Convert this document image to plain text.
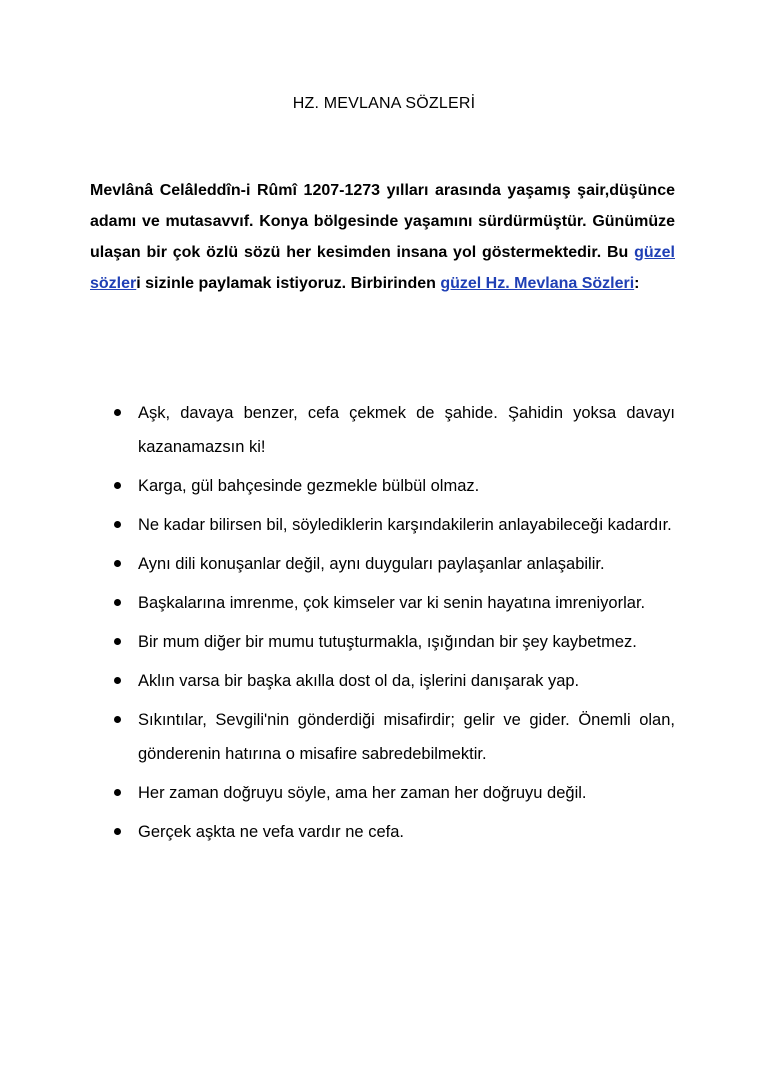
HZ. MEVLANA SÖZLERİ
Mevlânâ Celâleddîn-i Rûmî 1207-1273 yılları arasında yaşamış şair,düşünce adamı ve mutasavvıf. Konya bölgesinde yaşamını sürdürmüştür. Günümüze ulaşan bir çok özlü sözü her kesimden insana yol göstermektedir. Bu güzel sözleri sizinle paylamak istiyoruz. Birbirinden güzel Hz. Mevlana Sözleri:
Aşk, davaya benzer, cefa çekmek de şahide. Şahidin yoksa davayı kazanamazsın ki!
Karga, gül bahçesinde gezmekle bülbül olmaz.
Ne kadar bilirsen bil, söylediklerin karşındakilerin anlayabileceği kadardır.
Aynı dili konuşanlar değil, aynı duyguları paylaşanlar anlaşabilir.
Başkalarına imrenme, çok kimseler var ki senin hayatına imreniyorlar.
Bir mum diğer bir mumu tutuşturmakla, ışığından bir şey kaybetmez.
Aklın varsa bir başka akılla dost ol da, işlerini danışarak yap.
Sıkıntılar, Sevgili'nin gönderdiği misafirdir; gelir ve gider. Önemli olan, gönderenin hatırına o misafire sabredebilmektir.
Her zaman doğruyu söyle, ama her zaman her doğruyu değil.
Gerçek aşkta ne vefa vardır ne cefa.
